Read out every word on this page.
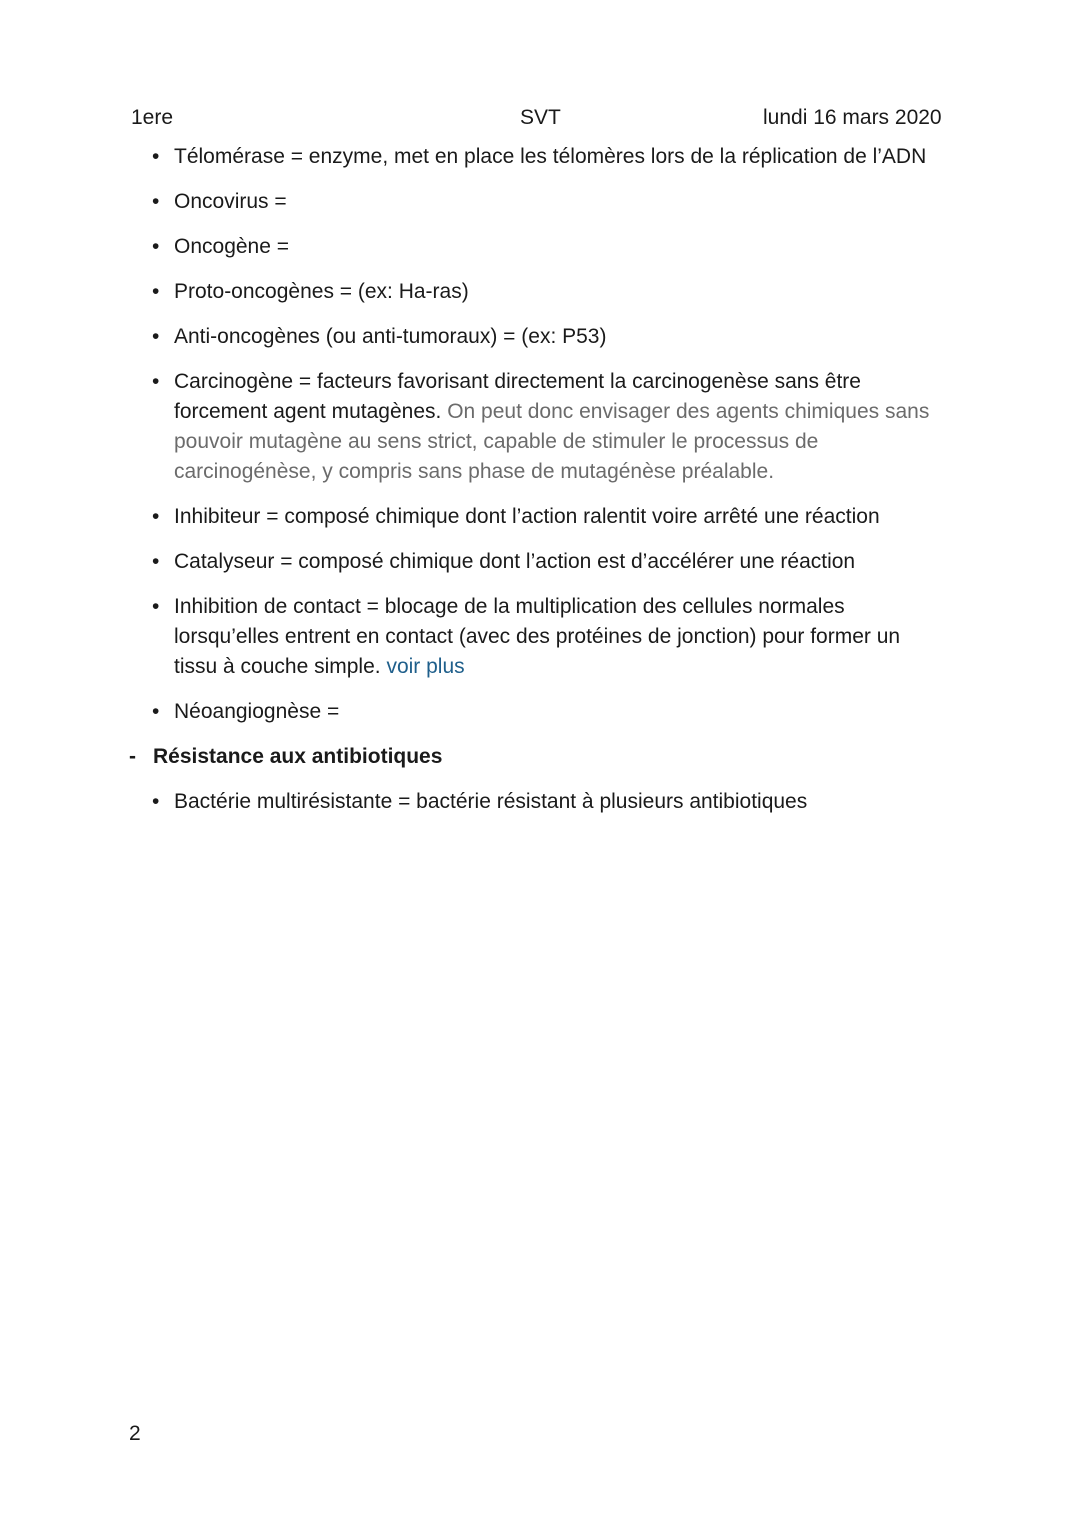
1ere	SVT	lundi 16 mars 2020
• Télomérase = enzyme, met en place les télomères lors de la réplication de l’ADN
• Oncovirus =
• Oncogène =
• Proto-oncogènes = (ex: Ha-ras)
• Anti-oncogènes (ou anti-tumoraux) = (ex: P53)
• Carcinogène = facteurs favorisant directement la carcinogenèse sans être forcement agent mutagènes. On peut donc envisager des agents chimiques sans pouvoir mutagène au sens strict, capable de stimuler le processus de carcinogénèse, y compris sans phase de mutagénèse préalable.
• Inhibiteur = composé chimique dont l’action ralentit voire arrêté une réaction
• Catalyseur = composé chimique dont l’action est d’accélérer une réaction
• Inhibition de contact = blocage de la multiplication des cellules normales lorsqu’elles entrent en contact (avec des protéines de jonction) pour former un tissu à couche simple. voir plus
• Néoangiognèse =
- Résistance aux antibiotiques
• Bactérie multirésistante = bactérie résistant à plusieurs antibiotiques
2
